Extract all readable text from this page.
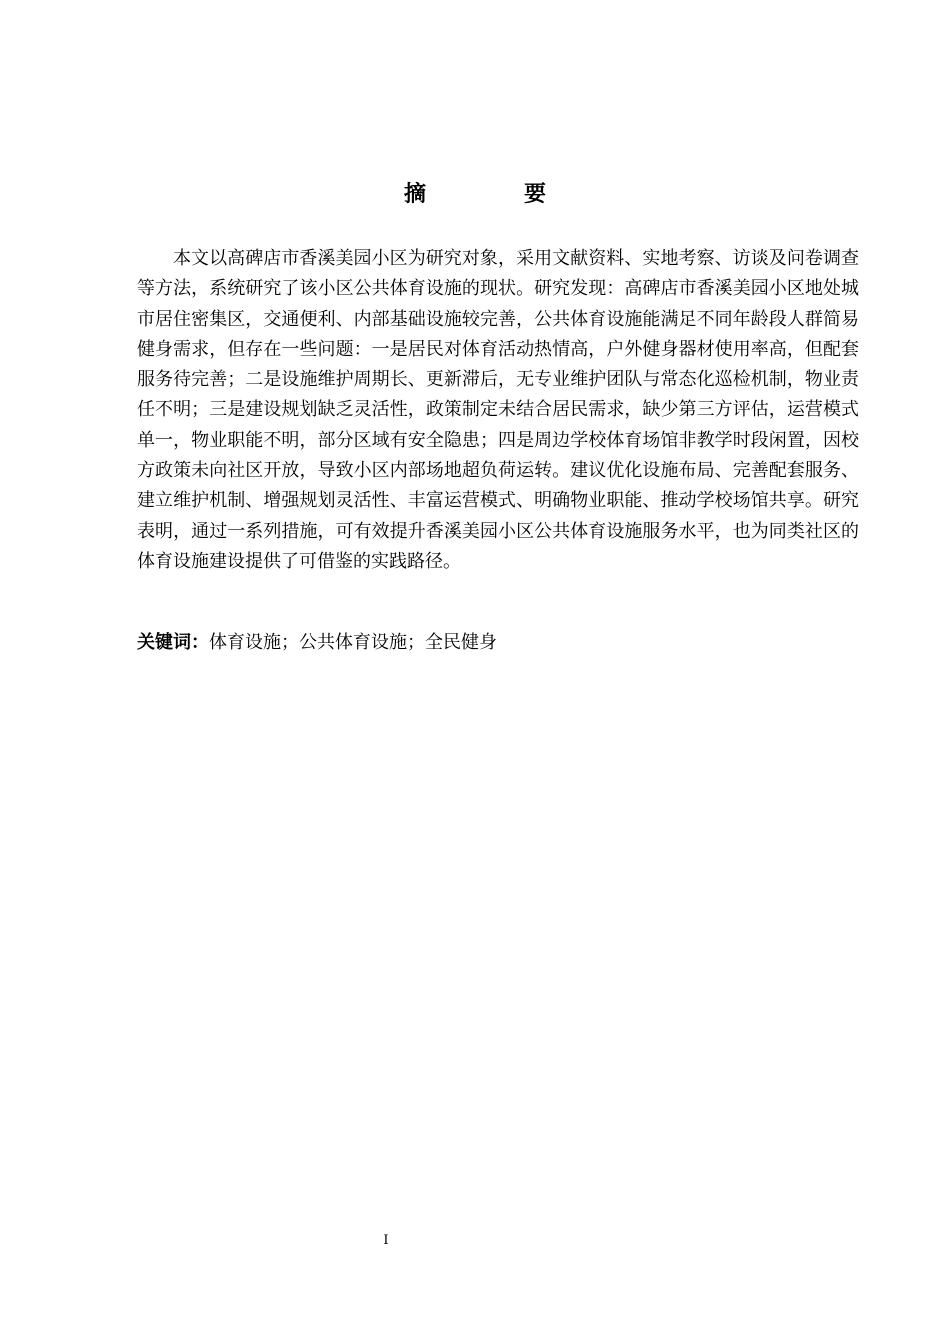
摘　要

本文以高碑店市香溪美园小区为研究对象，采用文献资料、实地考察、访谈及问卷调查等方法，系统研究了该小区公共体育设施的现状。研究发现：高碑店市香溪美园小区地处城市居住密集区，交通便利、内部基础设施较完善，公共体育设施能满足不同年龄段人群简易健身需求，但存在一些问题：一是居民对体育活动热情高，户外健身器材使用率高，但配套服务待完善；二是设施维护周期长、更新滞后，无专业维护团队与常态化巡检机制，物业责任不明；三是建设规划缺乏灵活性，政策制定未结合居民需求，缺少第三方评估，运营模式单一，物业职能不明，部分区域有安全隐患；四是周边学校体育场馆非教学时段闲置，因校方政策未向社区开放，导致小区内部场地超负荷运转。建议优化设施布局、完善配套服务、建立维护机制、增强规划灵活性、丰富运营模式、明确物业职能、推动学校场馆共享。研究表明，通过一系列措施，可有效提升香溪美园小区公共体育设施服务水平，也为同类社区的体育设施建设提供了可借鉴的实践路径。

关键词：体育设施；公共体育设施；全民健身
I
